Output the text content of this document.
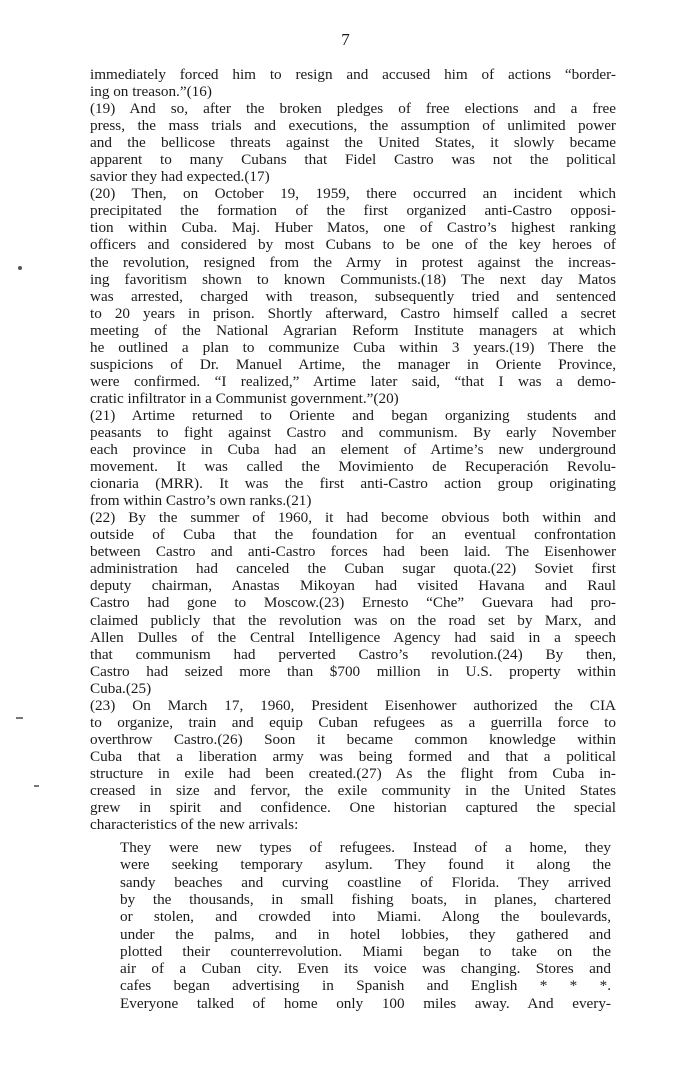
7
immediately forced him to resign and accused him of actions “border-
ing on treason.”(16)
(19) And so, after the broken pledges of free elections and a free
press, the mass trials and executions, the assumption of unlimited power
and the bellicose threats against the United States, it slowly became
apparent to many Cubans that Fidel Castro was not the political
savior they had expected.(17)
(20) Then, on October 19, 1959, there occurred an incident which
precipitated the formation of the first organized anti-Castro opposi-
tion within Cuba. Maj. Huber Matos, one of Castro’s highest ranking
officers and considered by most Cubans to be one of the key heroes of
the revolution, resigned from the Army in protest against the increas-
ing favoritism shown to known Communists.(18) The next day Matos
was arrested, charged with treason, subsequently tried and sentenced
to 20 years in prison. Shortly afterward, Castro himself called a secret
meeting of the National Agrarian Reform Institute managers at which
he outlined a plan to communize Cuba within 3 years.(19) There the
suspicions of Dr. Manuel Artime, the manager in Oriente Province,
were confirmed. “I realized,” Artime later said, “that I was a demo-
cratic infiltrator in a Communist government.”(20)
(21) Artime returned to Oriente and began organizing students and
peasants to fight against Castro and communism. By early November
each province in Cuba had an element of Artime’s new underground
movement. It was called the Movimiento de Recuperación Revolu-
cionaria (MRR). It was the first anti-Castro action group originating
from within Castro’s own ranks.(21)
(22) By the summer of 1960, it had become obvious both within and
outside of Cuba that the foundation for an eventual confrontation
between Castro and anti-Castro forces had been laid. The Eisenhower
administration had canceled the Cuban sugar quota.(22) Soviet first
deputy chairman, Anastas Mikoyan had visited Havana and Raul
Castro had gone to Moscow.(23) Ernesto “Che” Guevara had pro-
claimed publicly that the revolution was on the road set by Marx, and
Allen Dulles of the Central Intelligence Agency had said in a speech
that communism had perverted Castro’s revolution.(24) By then,
Castro had seized more than $700 million in U.S. property within
Cuba.(25)
(23) On March 17, 1960, President Eisenhower authorized the CIA
to organize, train and equip Cuban refugees as a guerrilla force to
overthrow Castro.(26) Soon it became common knowledge within
Cuba that a liberation army was being formed and that a political
structure in exile had been created.(27) As the flight from Cuba in-
creased in size and fervor, the exile community in the United States
grew in spirit and confidence. One historian captured the special
characteristics of the new arrivals:
They were new types of refugees. Instead of a home, they
were seeking temporary asylum. They found it along the
sandy beaches and curving coastline of Florida. They arrived
by the thousands, in small fishing boats, in planes, chartered
or stolen, and crowded into Miami. Along the boulevards,
under the palms, and in hotel lobbies, they gathered and
plotted their counterrevolution. Miami began to take on the
air of a Cuban city. Even its voice was changing. Stores and
cafes began advertising in Spanish and English * * *.
Everyone talked of home only 100 miles away. And every-
